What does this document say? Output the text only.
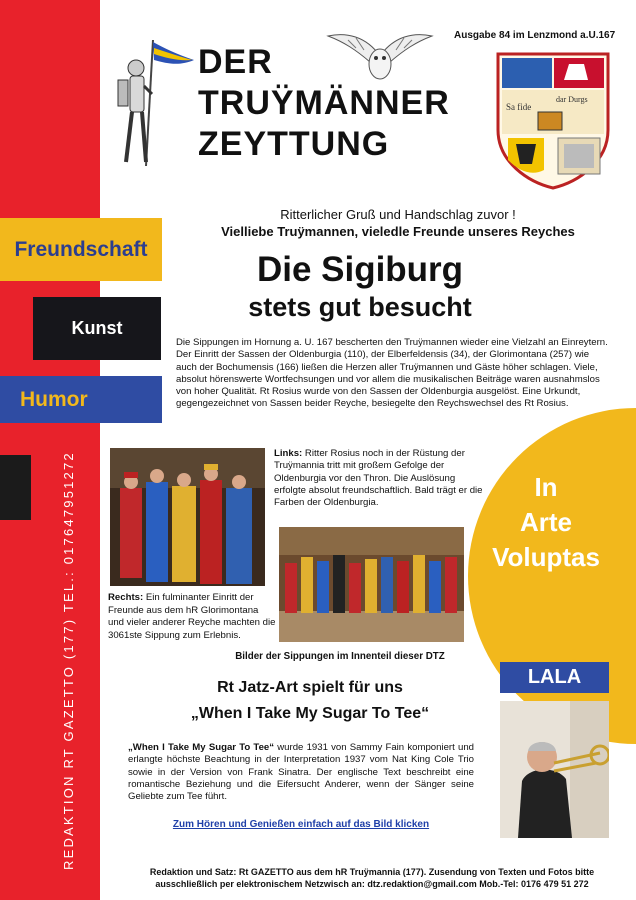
REDAKTION RT GAZETTO (177) TEL.: 017647951272
Freundschaft
Kunst
Humor
Ausgabe 84 im Lenzmond a.U.167
Sa fide
dar Durgs
DER
TRUŸMÄNNER
ZEYTTUNG
Ritterlicher Gruß und Handschlag zuvor !
Vielliebe Truÿmannen, vieledle Freunde unseres Reyches
Die Sigiburg
stets gut besucht
Die Sippungen im Hornung a. U. 167 bescherten den Truÿmannen wieder eine Vielzahl an Einreytern. Der Einritt der Sassen der Oldenburgia (110), der Elberfeldensis (34), der Glorimontana (257) wie auch der Bochumensis (166) ließen die Herzen aller Truÿmannen und Gäste höher schlagen. Viele, absolut hörenswerte Wortfechsungen und vor allem die musikalischen Beiträge waren ausnahmslos von hoher Qualität. Rt Rosius wurde von den Sassen der Oldenburgia ausgelöst. Eine Urkundt, gegengezeichnet von Sassen beider Reyche, besiegelte den Reychswechsel des Rt Rosius.
In
Arte
Voluptas
Links: Ritter Rosius noch in der Rüstung der Truÿmannia tritt mit großem Gefolge der Oldenburgia vor den Thron. Die Auslösung erfolgte absolut freundschaftlich. Bald trägt er die Farben der Oldenburgia.
Rechts: Ein fulminanter Einritt der Freunde aus dem hR Glorimontana und vieler anderer Reyche machten die 3061ste Sippung zum Erlebnis.
Bilder der Sippungen im Innenteil dieser DTZ
LALA
Rt Jatz-Art spielt für uns
„When I Take My Sugar To Tee“
„When I Take My Sugar To Tee“ wurde 1931 von Sammy Fain komponiert und erlangte höchste Beachtung in der Interpretation 1937 vom Nat King Cole Trio sowie in der Version von Frank Sinatra. Der englische Text beschreibt eine romantische Beziehung und die Eifersucht Anderer, wenn der Sänger seine Geliebte zum Tee führt.
Zum Hören und Genießen einfach auf das Bild klicken
Redaktion und Satz: Rt GAZETTO aus dem hR Truÿmannia (177). Zusendung von Texten und Fotos bitte
ausschließlich per elektronischem Netzwisch an: dtz.redaktion@gmail.com Mob.-Tel: 0176 479 51 272
